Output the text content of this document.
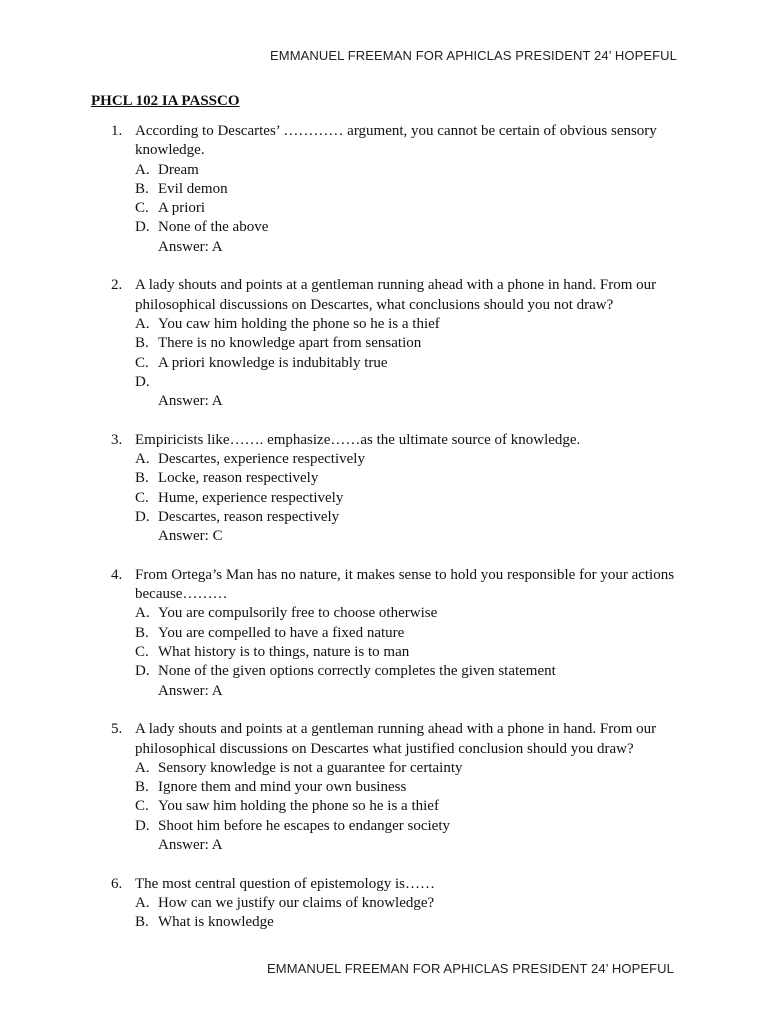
EMMANUEL FREEMAN FOR APHICLAS PRESIDENT 24’ HOPEFUL
PHCL 102 IA PASSCO
1. According to Descartes’ ………… argument, you cannot be certain of obvious sensory
knowledge.
A. Dream
B. Evil demon
C. A priori
D. None of the above
Answer: A
2. A lady shouts and points at a gentleman running ahead with a phone in hand. From our
philosophical discussions on Descartes, what conclusions should you not draw?
A. You caw him holding the phone so he is a thief
B. There is no knowledge apart from sensation
C. A priori knowledge is indubitably true
D.
Answer: A
3. Empiricists like……. emphasize……as the ultimate source of knowledge.
A. Descartes, experience respectively
B. Locke, reason respectively
C. Hume, experience respectively
D. Descartes, reason respectively
Answer: C
4. From Ortega’s Man has no nature, it makes sense to hold you responsible for your actions
because………
A. You are compulsorily free to choose otherwise
B. You are compelled to have a fixed nature
C. What history is to things, nature is to man
D. None of the given options correctly completes the given statement
Answer: A
5. A lady shouts and points at a gentleman running ahead with a phone in hand. From our
philosophical discussions on Descartes what justified conclusion should you draw?
A. Sensory knowledge is not a guarantee for certainty
B. Ignore them and mind your own business
C. You saw him holding the phone so he is a thief
D. Shoot him before he escapes to endanger society
Answer: A
6. The most central question of epistemology is……
A. How can we justify our claims of knowledge?
B. What is knowledge
EMMANUEL FREEMAN FOR APHICLAS PRESIDENT 24’ HOPEFUL
